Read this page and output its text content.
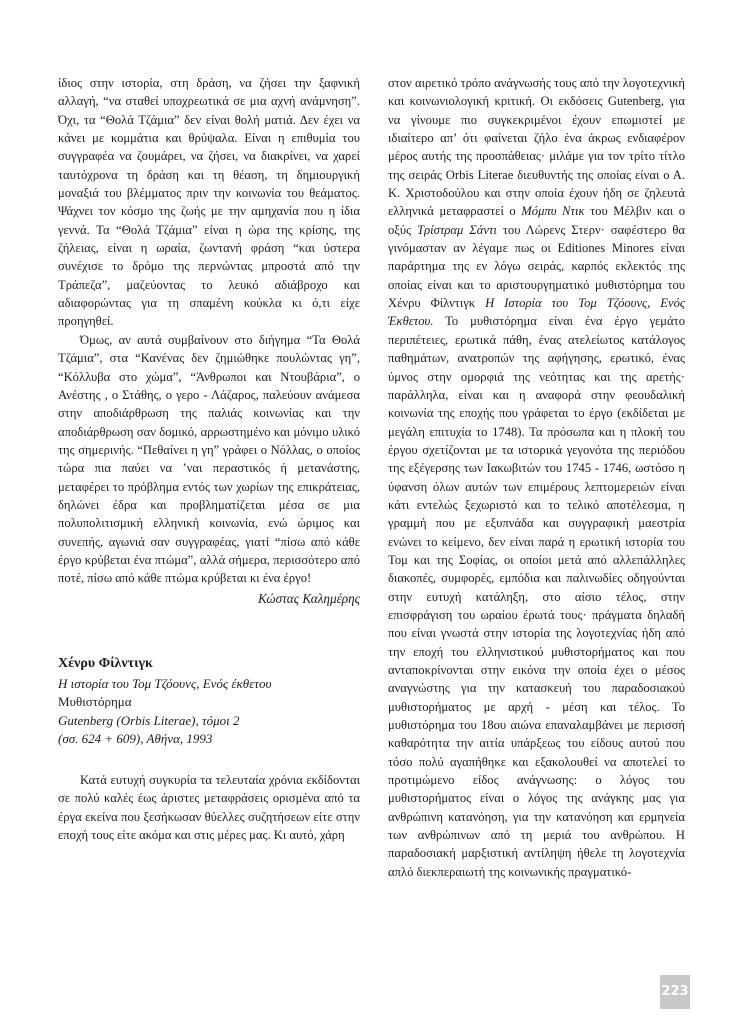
ίδιος στην ιστορία, στη δράση, να ζήσει την ξαφνική αλλαγή, “να σταθεί υποχρεωτικά σε μια αχνή ανάμνηση”. Όχι, τα “Θολά Τζάμια” δεν είναι θολή ματιά. Δεν έχει να κάνει με κομμάτια και θρύψαλα. Είναι η επιθυμία του συγγραφέα να ζουμάρει, να ζήσει, να διακρίνει, να χαρεί ταυτόχρονα τη δράση και τη θέαση, τη δημιουργική μοναξιά του βλέμματος πριν την κοινωνία του θεάματος. Ψάχνει τον κόσμο της ζωής με την αμηχανία που η ίδια γεννά. Τα “Θολά Τζάμια” είναι η ώρα της κρίσης, της ζήλειας, είναι η ωραία, ζωντανή φράση “και ύστερα συνέχισε το δρόμο της περνώντας μπροστά από την Τράπεζα”, μαζεύοντας το λευκό αδιάβροχο και αδιαφορώντας για τη σπαμένη κούκλα κι ό,τι είχε προηγηθεί.

Όμως, αν αυτά συμβαίνουν στο διήγημα “Τα Θολά Τζάμια”, στα “Κανένας δεν ζημιώθηκε πουλώντας γη”, “Κόλλυβα στο χώμα”, “Άνθρωποι και Ντουβάρια”, ο Ανέστης , ο Στάθης, ο γερο - Λάζαρος, παλεύουν ανάμεσα στην αποδιάρθρωση της παλιάς κοινωνίας και την αποδιάρθρωση σαν δομικό, αρρωστημένο και μόνιμο υλικό της σημερινής. “Πεθαίνει η γη” γράφει ο Νόλλας, ο οποίος τώρα πια παύει να ’ναι περαστικός ή μετανάστης, μεταφέρει το πρόβλημα εντός των χωρίων της επικράτειας, δηλώνει έδρα και προβληματίζεται μέσα σε μια πολυπολιτισμική ελληνική κοινωνία, ενώ ώριμος και συνεπής, αγωνιά σαν συγγραφέας, γιατί “πίσω από κάθε έργο κρύβεται ένα πτώμα”, αλλά σήμερα, περισσότερο από ποτέ, πίσω από κάθε πτώμα κρύβεται κι ένα έργο!

Κώστας Καλημέρης

Χένρυ Φίλντιγκ

Η ιστορία του Τομ Τζόουνς, Ενός έκθετου

Μυθιστόρημα

Gutenberg (Orbis Literae), τόμοι 2

(σσ. 624 + 609), Αθήνα, 1993

Κατά ευτυχή συγκυρία τα τελευταία χρόνια εκδίδονται σε πολύ καλές έως άριστες μεταφράσεις ορισμένα από τα έργα εκείνα που ξεσήκωσαν θύελλες συζητήσεων είτε στην εποχή τους είτε ακόμα και στις μέρες μας. Κι αυτό, χάρη

στον αιρετικό τρόπο ανάγνωσής τους από την λογοτεχνική και κοινωνιολογική κριτική. Οι εκδόσεις Gutenberg, για να γίνουμε πιο συγκεκριμένοι έχουν επωμιστεί με ιδιαίτερο απ’ ότι φαίνεται ζήλο ένα άκρως ενδιαφέρον μέρος αυτής της προσπάθειας· μιλάμε για τον τρίτο τίτλο της σειράς Orbis Literae διευθυντής της οποίας είναι ο Α. Κ. Χριστοδούλου και στην οποία έχουν ήδη σε ζηλευτά ελληνικά μεταφραστεί ο Μόμπυ Ντικ του Μέλβιν και ο οξύς Τρίστραμ Σάντι του Λώρενς Στερν· σαφέστερο θα γινόμασταν αν λέγαμε πως οι Editiones Minores είναι παράρτημα της εν λόγω σειράς, καρπός εκλεκτός της οποίας είναι και το αριστουργηματικό μυθιστόρημα του Χένρυ Φίλντιγκ Η Ιστορία του Τομ Τζόουνς, Ενός Έκθετου. Το μυθιστόρημα είναι ένα έργο γεμάτο περιπέτειες, ερωτικά πάθη, ένας ατελείωτος κατάλογος παθημάτων, ανατροπών της αφήγησης, ερωτικό, ένας ύμνος στην ομορφιά της νεότητας και της αρετής· παράλληλα, είναι και η αναφορά στην φεουδαλική κοινωνία της εποχής που γράφεται το έργο (εκδίδεται με μεγάλη επιτυχία το 1748). Τα πρόσωπα και η πλοκή του έργου σχετίζονται με τα ιστορικά γεγονότα της περιόδου της εξέγερσης των Ιακωβιτών του 1745 - 1746, ωστόσο η ύφανση όλων αυτών των επιμέρους λεπτομερειών είναι κάτι εντελώς ξεχωριστό και το τελικό αποτέλεσμα, η γραμμή που με εξυπνάδα και συγγραφική μαεστρία ενώνει το κείμενο, δεν είναι παρά η ερωτική ιστορία του Τομ και της Σοφίας, οι οποίοι μετά από αλλεπάλληλες διακοπές, συμφορές, εμπόδια και παλινωδίες οδηγούνται στην ευτυχή κατάληξη, στο αίσιο τέλος, στην επισφράγιση του ωραίου έρωτά τους· πράγματα δηλαδή που είναι γνωστά στην ιστορία της λογοτεχνίας ήδη από την εποχή του ελληνιστικού μυθιστορήματος και που ανταποκρίνονται στην εικόνα την οποία έχει ο μέσος αναγνώστης για την κατασκευή του παραδοσιακού μυθιστορήματος με αρχή - μέση και τέλος. Το μυθιστόρημα του 18ου αιώνα επαναλαμβάνει με περισσή καθαρότητα την αιτία υπάρξεως του είδους αυτού που τόσο πολύ αγαπήθηκε και εξακολουθεί να αποτελεί το προτιμώμενο είδος ανάγνωσης: ο λόγος του μυθιστορήματος είναι ο λόγος της ανάγκης μας για ανθρώπινη κατανόηση, για την κατανόηση και ερμηνεία των ανθρώπινων από τη μεριά του ανθρώπου. Η παραδοσιακή μαρξιστική αντίληψη ήθελε τη λογοτεχνία απλό διεκπεραιωτή της κοινωνικής πραγματικό-

223
